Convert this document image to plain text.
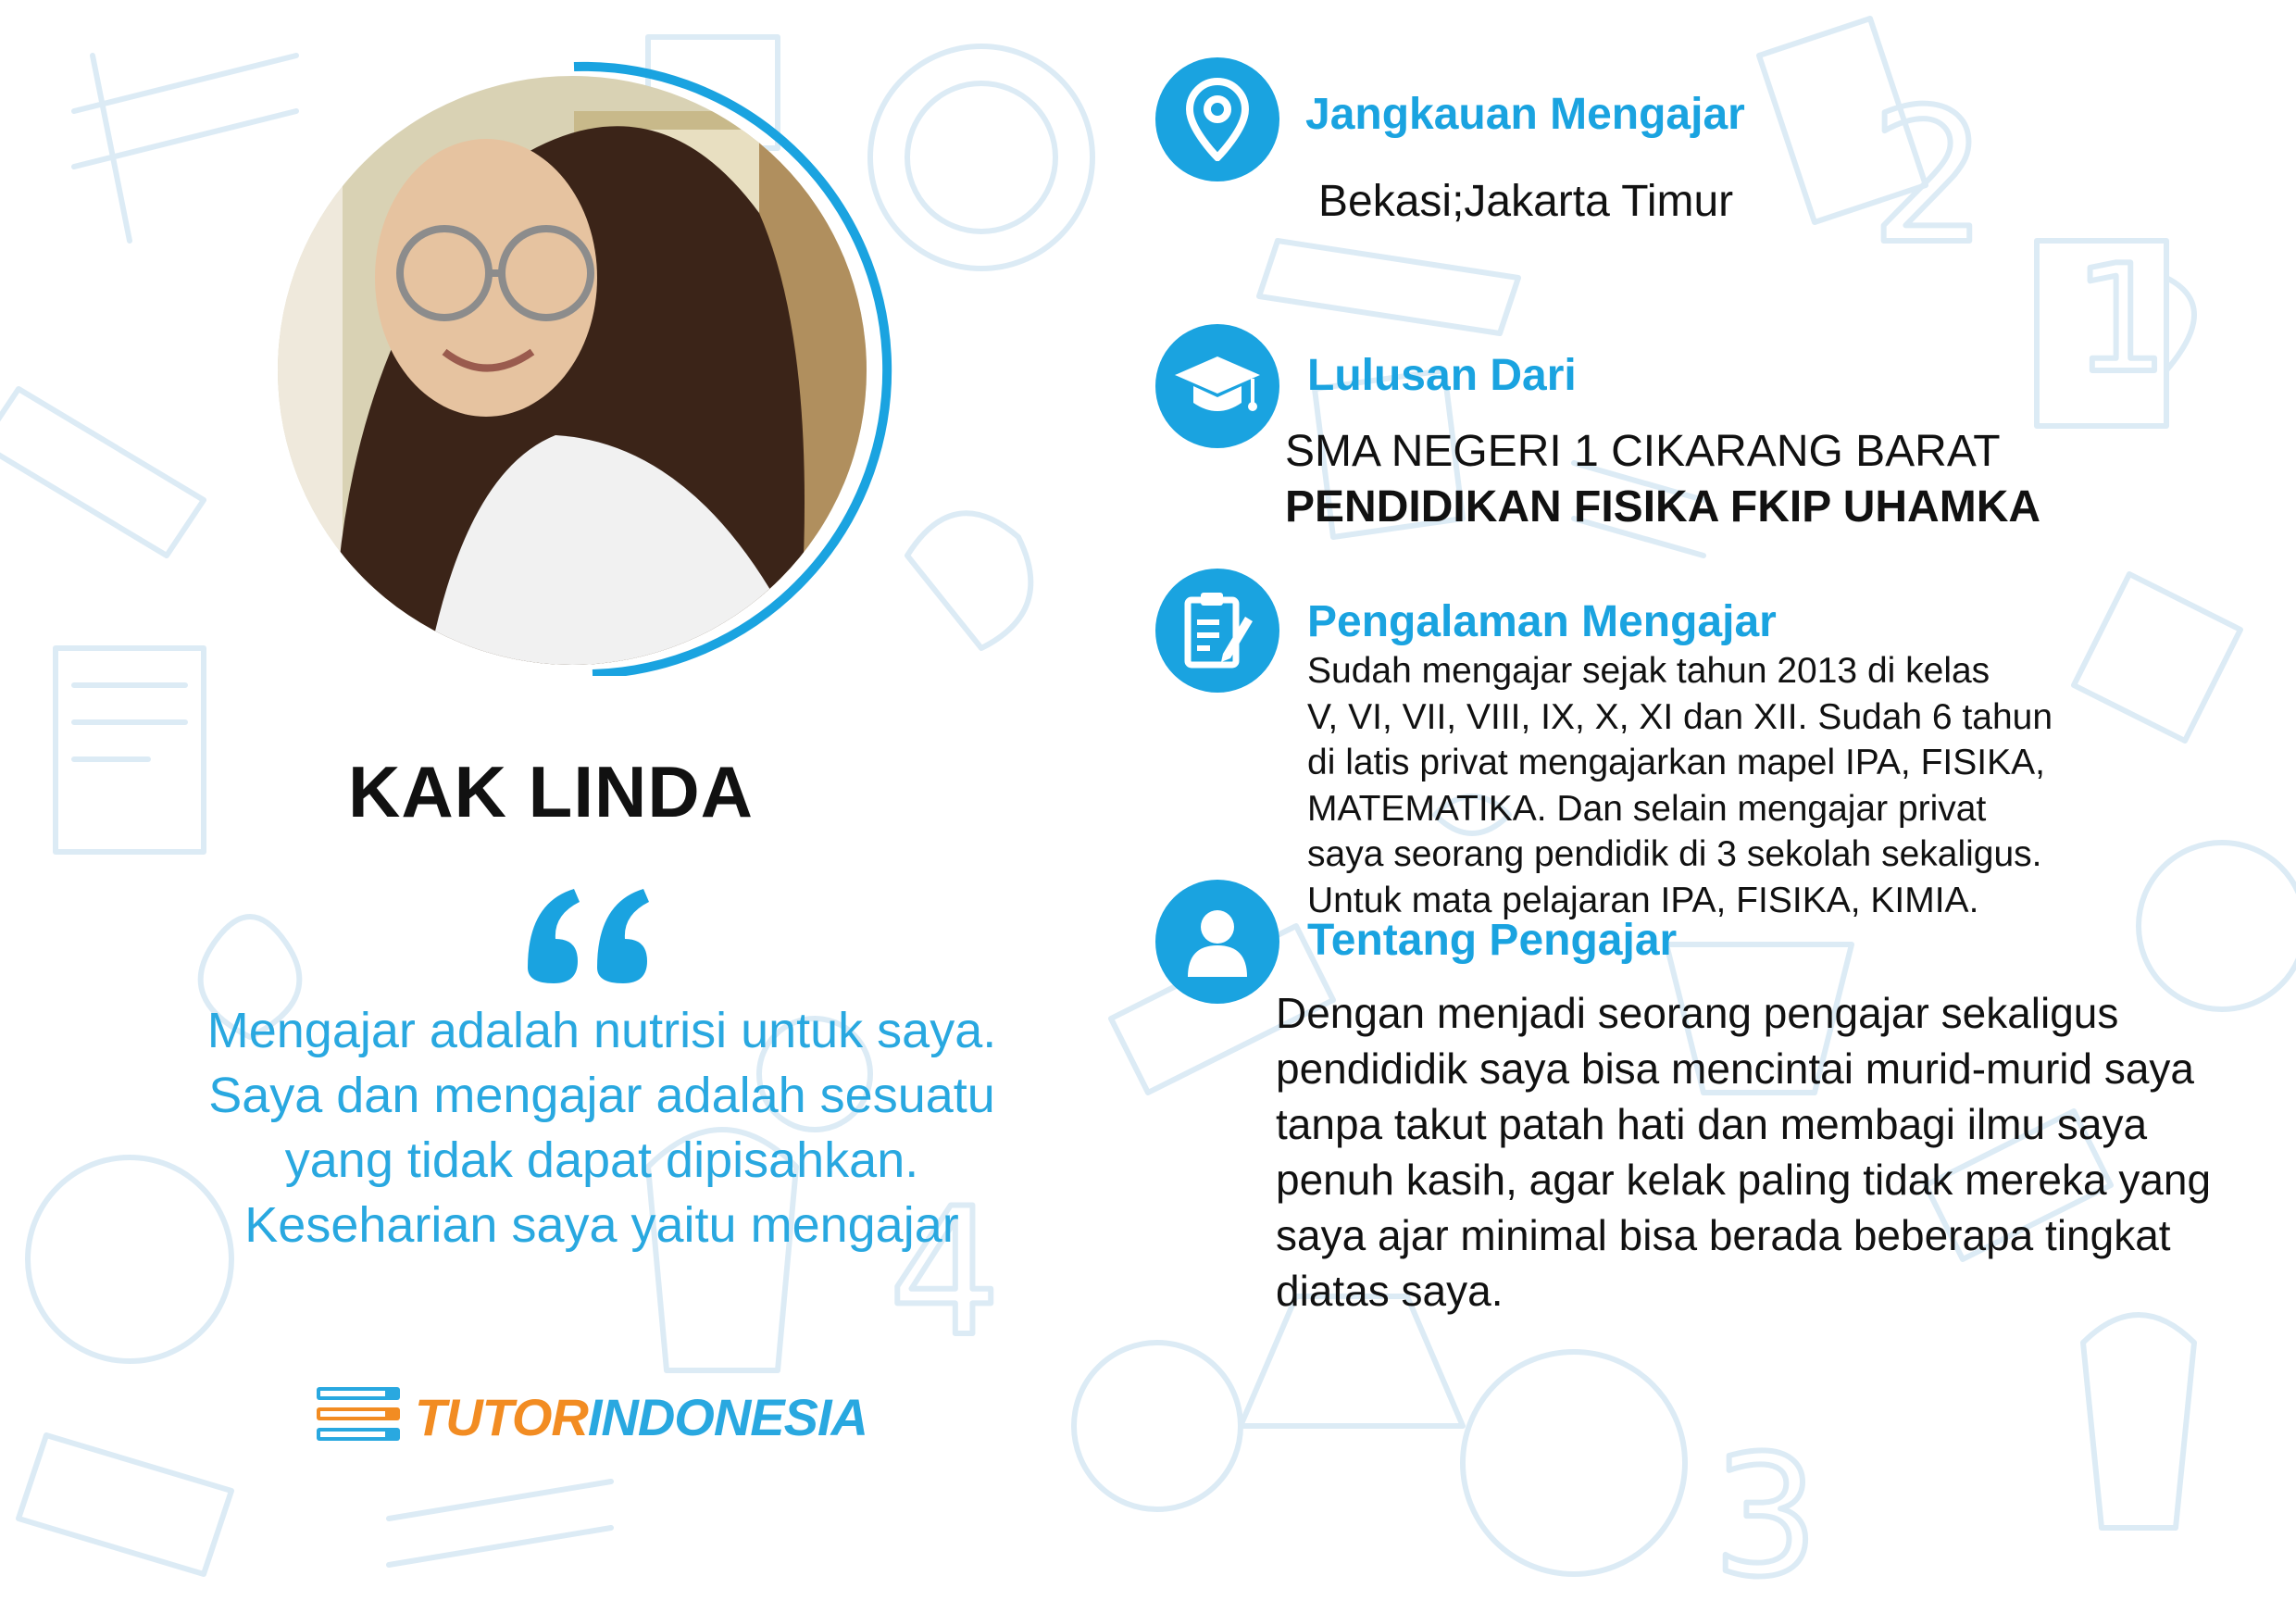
2
1
4
3
KAK LINDA
Mengajar adalah nutrisi untuk saya.
Saya dan mengajar adalah sesuatu
yang tidak dapat dipisahkan.
Keseharian saya yaitu mengajar
TUTORINDONESIA
Jangkauan Mengajar
Bekasi;Jakarta Timur
Lulusan Dari
SMA NEGERI 1 CIKARANG BARAT
PENDIDIKAN FISIKA FKIP UHAMKA
Pengalaman Mengajar
Sudah mengajar sejak tahun 2013 di kelas
V, VI, VII, VIII, IX, X, XI dan XII. Sudah 6 tahun
di latis privat mengajarkan mapel IPA, FISIKA,
MATEMATIKA. Dan selain mengajar privat
saya seorang pendidik di 3 sekolah sekaligus.
Untuk mata pelajaran IPA, FISIKA, KIMIA.
Tentang Pengajar
Dengan menjadi seorang pengajar sekaligus
pendididik saya bisa mencintai murid-murid saya
tanpa takut patah hati dan membagi ilmu saya
penuh kasih, agar kelak paling tidak mereka yang
saya ajar minimal bisa berada beberapa tingkat
diatas saya.
